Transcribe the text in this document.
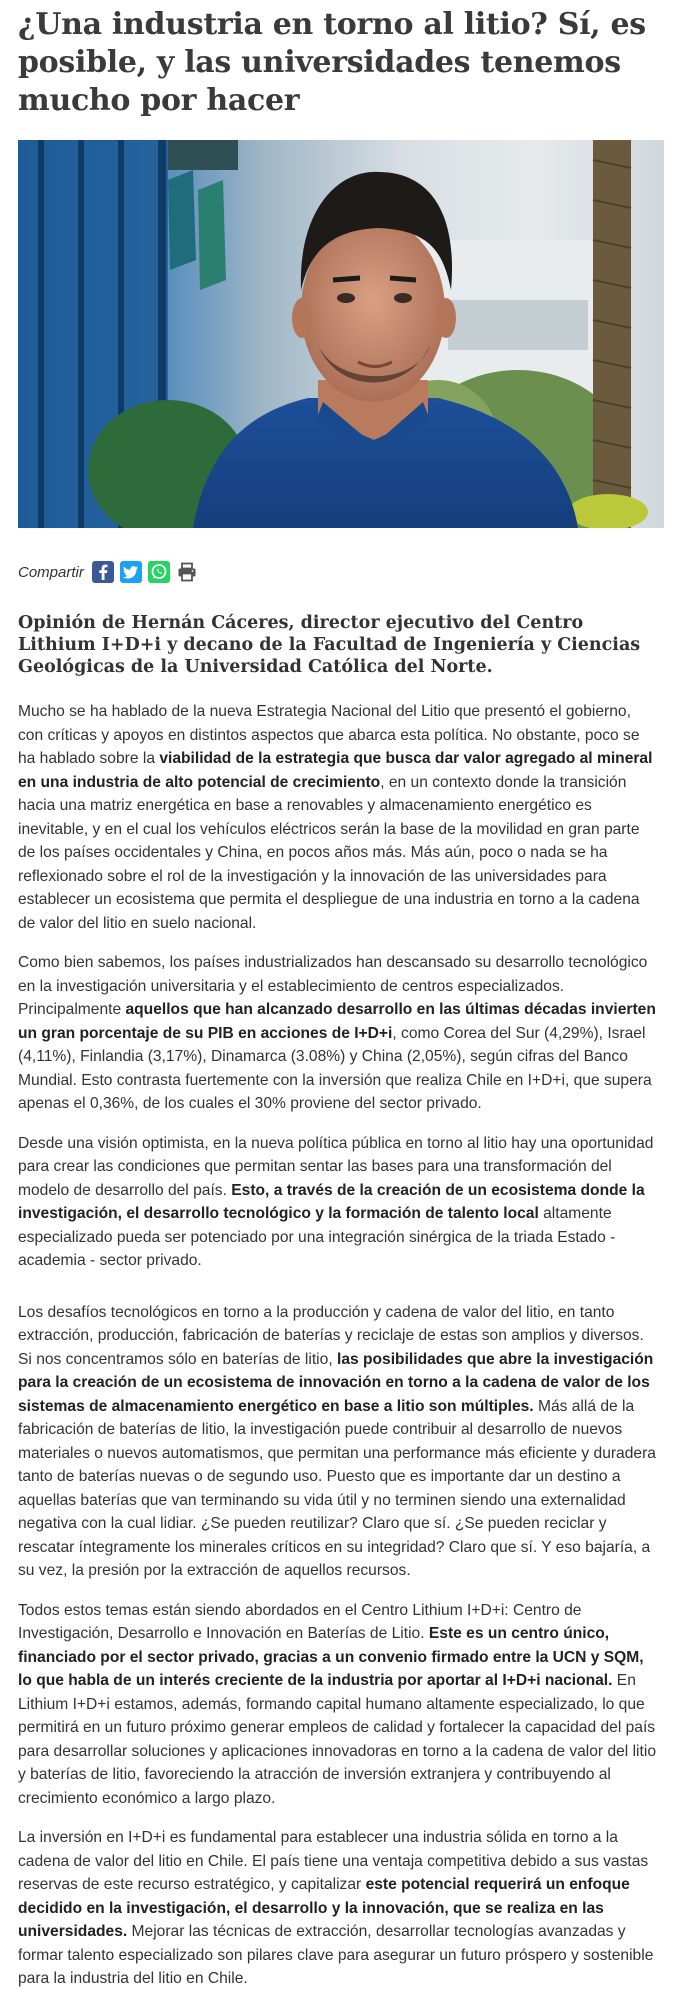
¿Una industria en torno al litio? Sí, es posible, y las universidades tenemos mucho por hacer
Compartir

Opinión de Hernán Cáceres, director ejecutivo del Centro Lithium I+D+i y decano de la Facultad de Ingeniería y Ciencias Geológicas de la Universidad Católica del Norte.

Mucho se ha hablado de la nueva Estrategia Nacional del Litio que presentó el gobierno, con críticas y apoyos en distintos aspectos que abarca esta política. No obstante, poco se ha hablado sobre la viabilidad de la estrategia que busca dar valor agregado al mineral en una industria de alto potencial de crecimiento, en un contexto donde la transición hacia una matriz energética en base a renovables y almacenamiento energético es inevitable, y en el cual los vehículos eléctricos serán la base de la movilidad en gran parte de los países occidentales y China, en pocos años más. Más aún, poco o nada se ha reflexionado sobre el rol de la investigación y la innovación de las universidades para establecer un ecosistema que permita el despliegue de una industria en torno a la cadena de valor del litio en suelo nacional.

Como bien sabemos, los países industrializados han descansado su desarrollo tecnológico en la investigación universitaria y el establecimiento de centros especializados. Principalmente aquellos que han alcanzado desarrollo en las últimas décadas invierten un gran porcentaje de su PIB en acciones de I+D+i, como Corea del Sur (4,29%), Israel (4,11%), Finlandia (3,17%), Dinamarca (3.08%) y China (2,05%), según cifras del Banco Mundial. Esto contrasta fuertemente con la inversión que realiza Chile en I+D+i, que supera apenas el 0,36%, de los cuales el 30% proviene del sector privado.

Desde una visión optimista, en la nueva política pública en torno al litio hay una oportunidad para crear las condiciones que permitan sentar las bases para una transformación del modelo de desarrollo del país. Esto, a través de la creación de un ecosistema donde la investigación, el desarrollo tecnológico y la formación de talento local altamente especializado pueda ser potenciado por una integración sinérgica de la triada Estado - academia - sector privado.

Los desafíos tecnológicos en torno a la producción y cadena de valor del litio, en tanto extracción, producción, fabricación de baterías y reciclaje de estas son amplios y diversos. Si nos concentramos sólo en baterías de litio, las posibilidades que abre la investigación para la creación de un ecosistema de innovación en torno a la cadena de valor de los sistemas de almacenamiento energético en base a litio son múltiples. Más allá de la fabricación de baterías de litio, la investigación puede contribuir al desarrollo de nuevos materiales o nuevos automatismos, que permitan una performance más eficiente y duradera tanto de baterías nuevas o de segundo uso. Puesto que es importante dar un destino a aquellas baterías que van terminando su vida útil y no terminen siendo una externalidad negativa con la cual lidiar. ¿Se pueden reutilizar? Claro que sí. ¿Se pueden reciclar y rescatar íntegramente los minerales críticos en su integridad? Claro que sí. Y eso bajaría, a su vez, la presión por la extracción de aquellos recursos.

Todos estos temas están siendo abordados en el Centro Lithium I+D+i: Centro de Investigación, Desarrollo e Innovación en Baterías de Litio. Este es un centro único, financiado por el sector privado, gracias a un convenio firmado entre la UCN y SQM, lo que habla de un interés creciente de la industria por aportar al I+D+i nacional. En Lithium I+D+i estamos, además, formando capital humano altamente especializado, lo que permitirá en un futuro próximo generar empleos de calidad y fortalecer la capacidad del país para desarrollar soluciones y aplicaciones innovadoras en torno a la cadena de valor del litio y baterías de litio, favoreciendo la atracción de inversión extranjera y contribuyendo al crecimiento económico a largo plazo.

La inversión en I+D+i es fundamental para establecer una industria sólida en torno a la cadena de valor del litio en Chile. El país tiene una ventaja competitiva debido a sus vastas reservas de este recurso estratégico, y capitalizar este potencial requerirá un enfoque decidido en la investigación, el desarrollo y la innovación, que se realiza en las universidades. Mejorar las técnicas de extracción, desarrollar tecnologías avanzadas y formar talento especializado son pilares clave para asegurar un futuro próspero y sostenible para la industria del litio en Chile.
